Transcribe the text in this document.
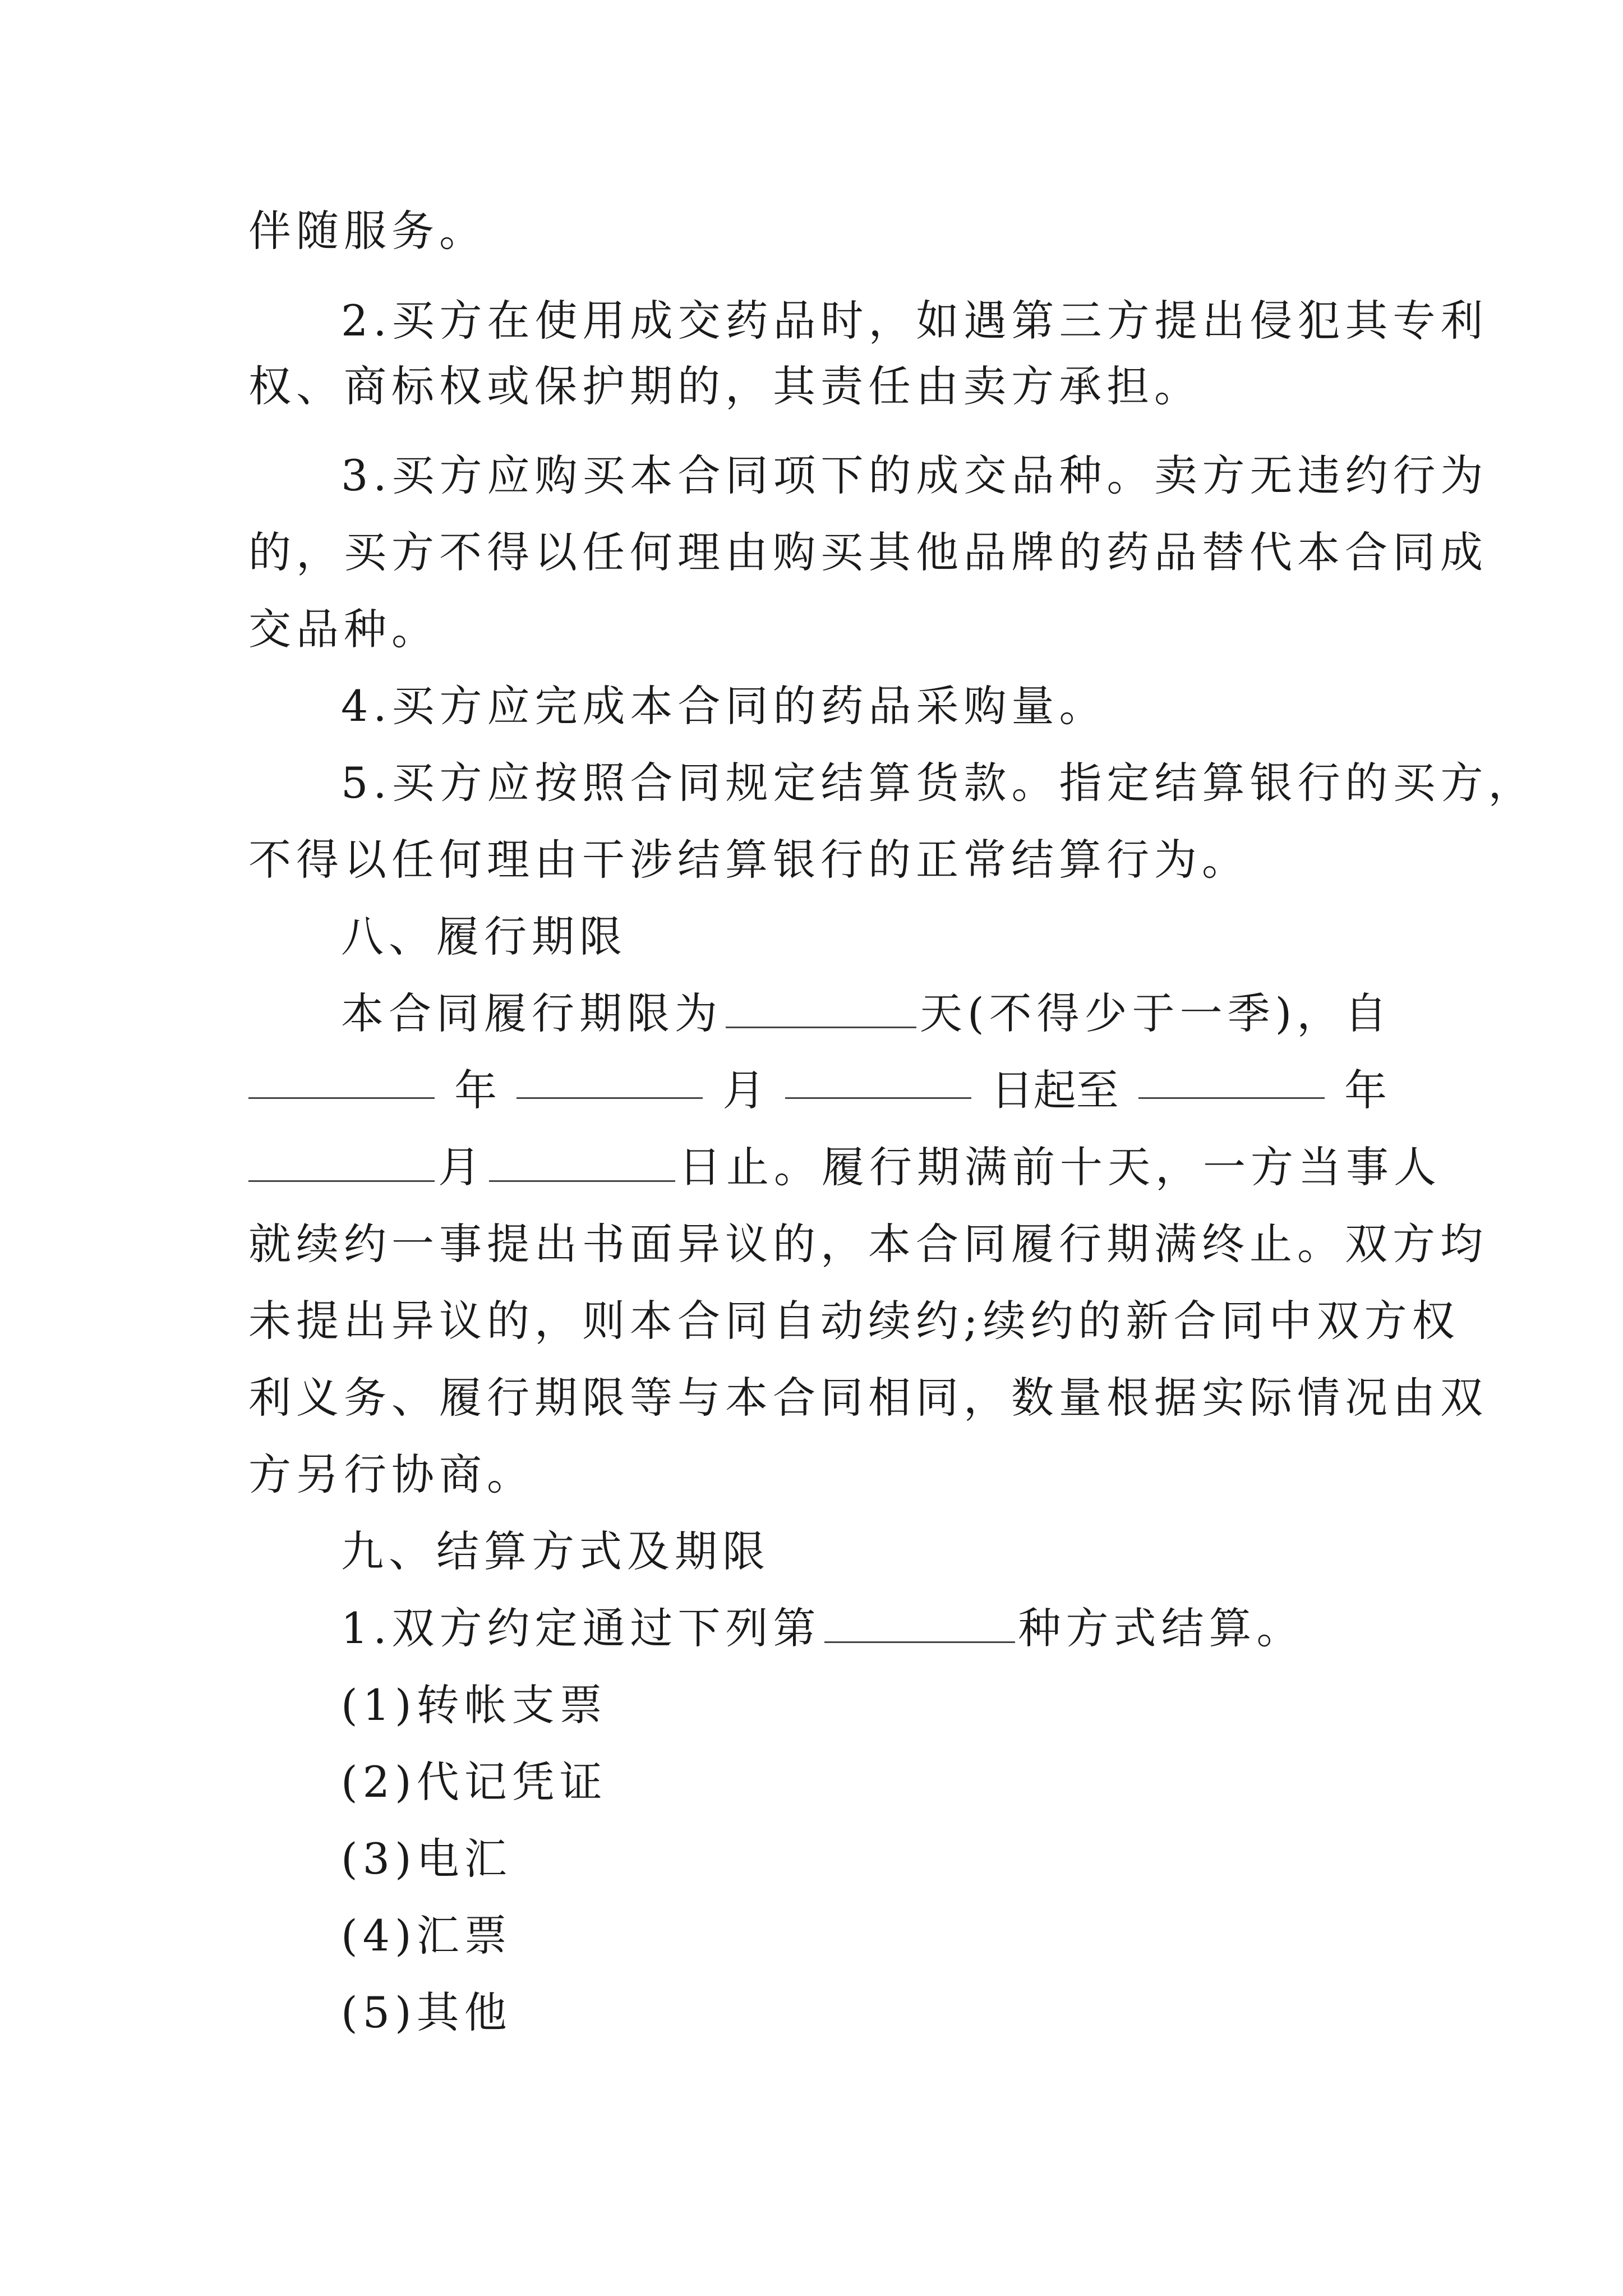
伴随服务。
2.买方在使用成交药品时，如遇第三方提出侵犯其专利
权、商标权或保护期的，其责任由卖方承担。
3.买方应购买本合同项下的成交品种。卖方无违约行为
的，买方不得以任何理由购买其他品牌的药品替代本合同成
交品种。
4.买方应完成本合同的药品采购量。
5.买方应按照合同规定结算货款。指定结算银行的买方，
不得以任何理由干涉结算银行的正常结算行为。
八、履行期限
本合同履行期限为	天(不得少于一季)，自
年	月	日起至	年
月	日止。履行期满前十天，一方当事人
就续约一事提出书面异议的，本合同履行期满终止。双方均
未提出异议的，则本合同自动续约;续约的新合同中双方权
利义务、履行期限等与本合同相同，数量根据实际情况由双
方另行协商。
九、结算方式及期限
1.双方约定通过下列第	种方式结算。
(1)转帐支票
(2)代记凭证
(3)电汇
(4)汇票
(5)其他
